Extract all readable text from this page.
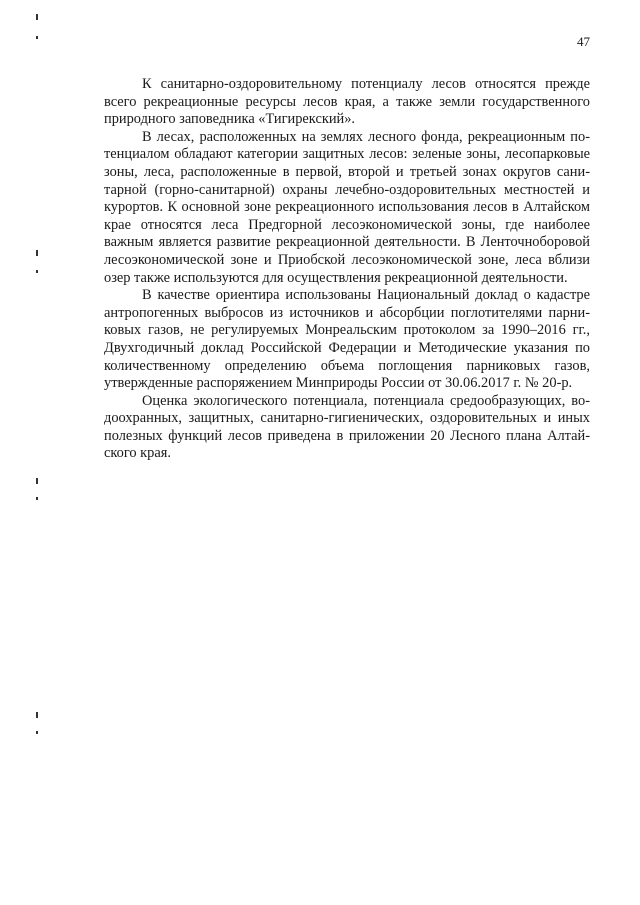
47

К санитарно-оздоровительному потенциалу лесов относятся прежде всего рекреационные ресурсы лесов края, а также земли государственного природного заповедника «Тигирекский».

В лесах, расположенных на землях лесного фонда, рекреационным потенциалом обладают категории защитных лесов: зеленые зоны, лесопарковые зоны, леса, расположенные в первой, второй и третьей зонах округов санитарной (горно-санитарной) охраны лечебно-оздоровительных местностей и курортов. К основной зоне рекреационного использования лесов в Алтайском крае относятся леса Предгорной лесоэкономической зоны, где наиболее важным является развитие рекреационной деятельности. В Ленточноборовой лесоэкономической зоне и Приобской лесоэкономической зоне, леса вблизи озер также используются для осуществления рекреационной деятельности.

В качестве ориентира использованы Национальный доклад о кадастре антропогенных выбросов из источников и абсорбции поглотителями парниковых газов, не регулируемых Монреальским протоколом за 1990–2016 гг., Двухгодичный доклад Российской Федерации и Методические указания по количественному определению объема поглощения парниковых газов, утвержденные распоряжением Минприроды России от 30.06.2017 г. № 20-р.

Оценка экологического потенциала, потенциала средообразующих, водоохранных, защитных, санитарно-гигиенических, оздоровительных и иных полезных функций лесов приведена в приложении 20 Лесного плана Алтайского края.
